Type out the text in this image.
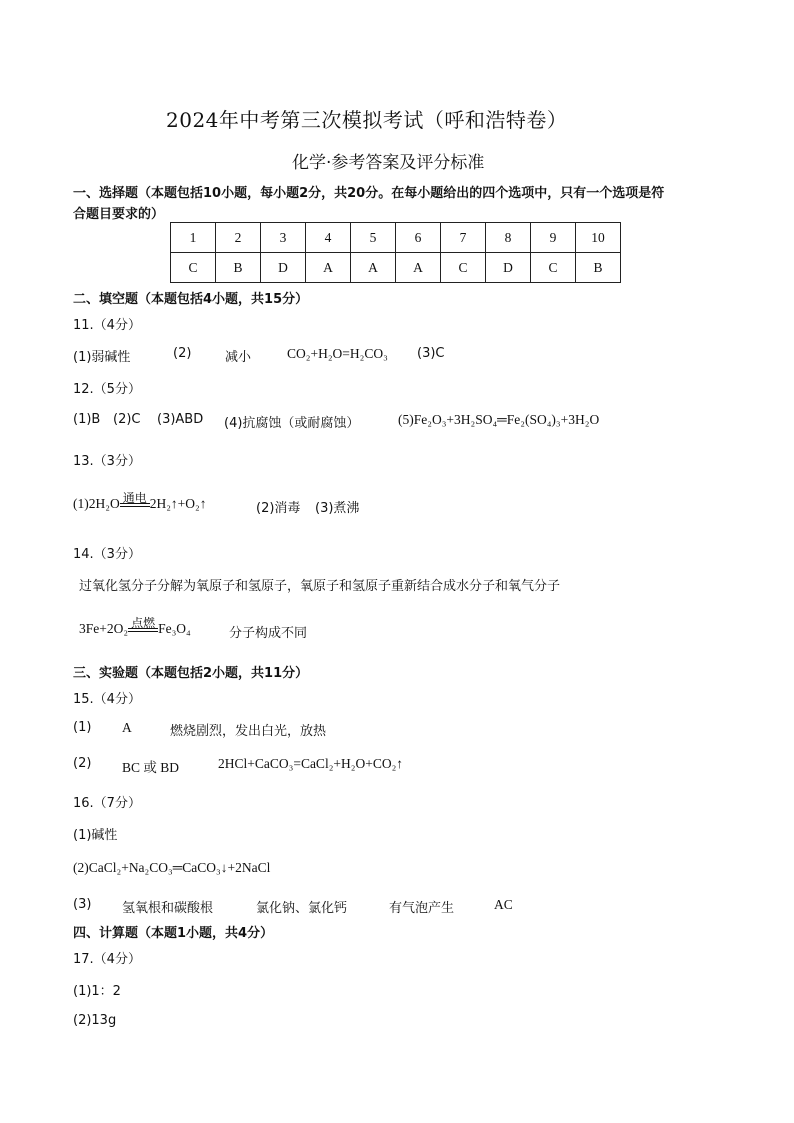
2024年中考第三次模拟考试（呼和浩特卷）
化学·参考答案及评分标准
一、选择题（本题包括10小题，每小题2分，共20分。在每小题给出的四个选项中，只有一个选项是符
合题目要求的）
1	2	3	4	5	6	7	8	9	10
C	B	D	A	A	A	C	D	C	B
二、填空题（本题包括4小题，共15分）
11.（4分）
(1)弱碱性	(2)	减小	CO₂+H₂O=H₂CO₃ (3)C
12.（5分）
(1)B (2)C (3)ABD (4)抗腐蚀（或耐腐蚀）	(5)Fe₂O₃+3H₂SO₄═Fe₂(SO₄)₃+3H₂O
13.（3分）
(1)2H₂O 通电 2H₂↑+O₂↑	(2)消毒 (3)煮沸
14.（3分）
过氧化氢分子分解为氧原子和氢原子，氧原子和氢原子重新结合成水分子和氧气分子
3Fe+2O₂ 点燃 Fe₃O₄	分子构成不同
三、实验题（本题包括2小题，共11分）
15.（4分）
(1) A	燃烧剧烈，发出白光，放热
(2) BC 或 BD	2HCl+CaCO₃=CaCl₂+H₂O+CO₂↑
16.（7分）
(1)碱性
(2)CaCl₂+Na₂CO₃═CaCO₃↓+2NaCl
(3) 氢氧根和碳酸根	氯化钠、氯化钙	有气泡产生	AC
四、计算题（本题1小题，共4分）
17.（4分）
(1)1：2
(2)13g
